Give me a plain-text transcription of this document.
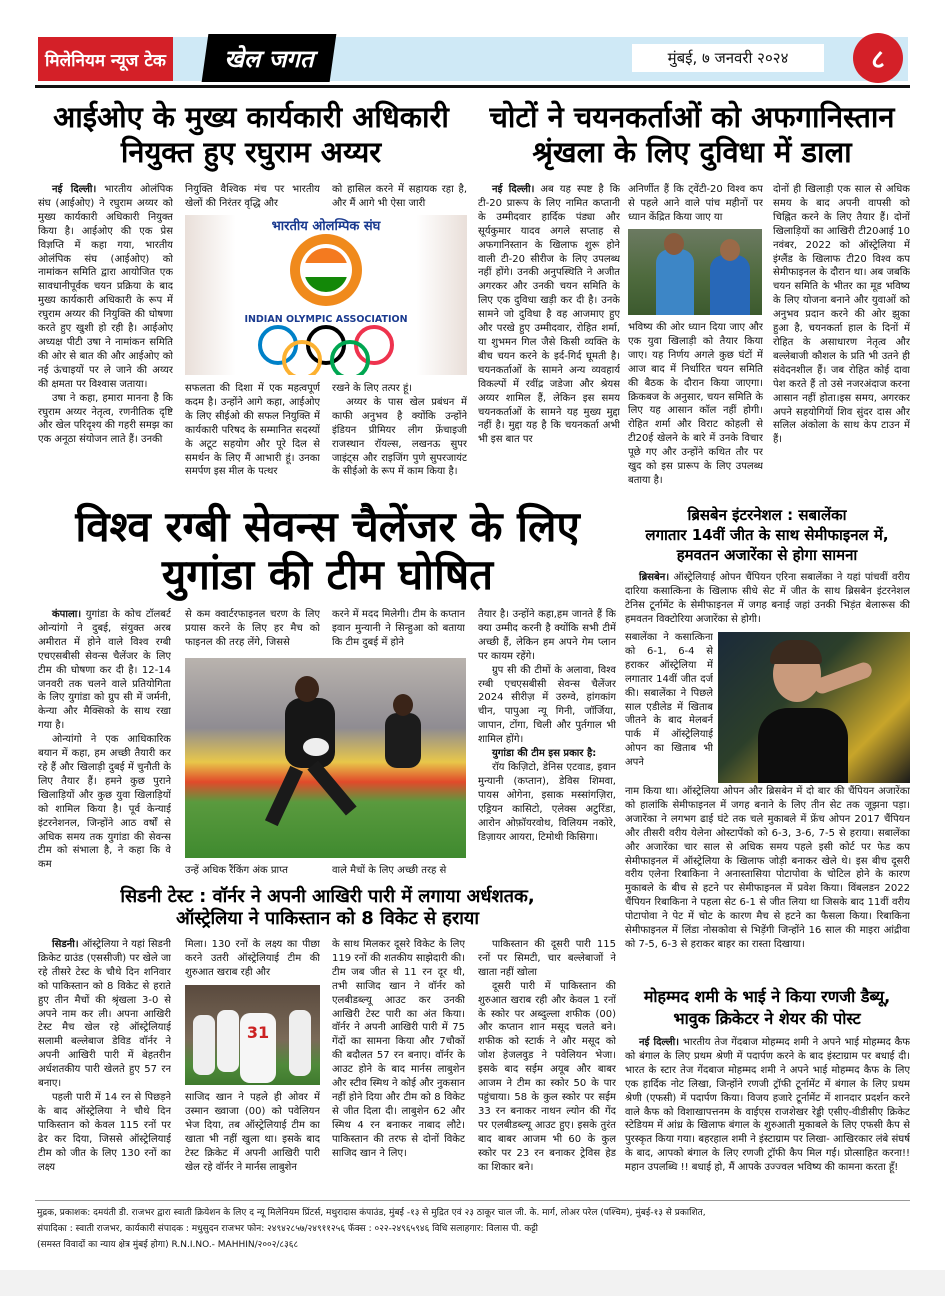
मिलेनियम न्यूज टेक	खेल जगत	मुंबई, ७ जनवरी २०२४	८
आईओए के मुख्य कार्यकारी अधिकारी
नियुक्त हुए रघुराम अय्यर

नई दिल्ली। भारतीय ओलंपिक संघ (आईओए) ने रघुराम अय्यर को मुख्य कार्यकारी अधिकारी नियुक्त किया है। आईओए की एक प्रेस विज्ञप्ति में कहा गया, भारतीय ओलंपिक संघ (आईओए) को नामांकन समिति द्वारा आयोजित एक सावधानीपूर्वक चयन प्रक्रिया के बाद मुख्य कार्यकारी अधिकारी के रूप में रघुराम अय्यर की नियुक्ति की घोषणा करते हुए खुशी हो रही है। आईओए अध्यक्ष पीटी उषा ने नामांकन समिति की ओर से बात की और आईओए को नई ऊंचाइयों पर ले जाने की अय्यर की क्षमता पर विश्वास जताया।

उषा ने कहा, हमारा मानना है कि रघुराम अय्यर नेतृत्व, रणनीतिक दृष्टि और खेल परिदृश्य की गहरी समझ का एक अनूठा संयोजन लाते हैं। उनकी

नियुक्ति वैश्विक मंच पर भारतीय खेलों की निरंतर वृद्धि और

को हासिल करने में सहायक रहा है, और मैं आगे भी ऐसा जारी

भारतीय ओलम्पिक संघ
INDIAN OLYMPIC ASSOCIATION

सफलता की दिशा में एक महत्वपूर्ण कदम है। उन्होंने आगे कहा, आईओए के लिए सीईओ की सफल नियुक्ति में कार्यकारी परिषद के सम्मानित सदस्यों के अटूट सहयोग और पूरे दिल से समर्थन के लिए मैं आभारी हूं। उनका समर्पण इस मील के पत्थर

रखने के लिए तत्पर हूं।

अय्यर के पास खेल प्रबंधन में काफी अनुभव है क्योंकि उन्होंने इंडियन प्रीमियर लीग फ्रेंचाइजी राजस्थान रॉयल्स, लखनऊ सुपर जाइंट्स और राइजिंग पुणे सुपरजायंट के सीईओ के रूप में काम किया है।

चोटों ने चयनकर्ताओं को अफगानिस्तान
श्रृंखला के लिए दुविधा में डाला

नई दिल्ली। अब यह स्पष्ट है कि टी-20 प्रारूप के लिए नामित कप्तानी के उम्मीदवार हार्दिक पंड्या और सूर्यकुमार यादव अगले सप्ताह से अफगानिस्तान के खिलाफ शुरू होने वाली टी-20 सीरीज के लिए उपलब्ध नहीं होंगे। उनकी अनुपस्थिति ने अजीत अगरकर और उनकी चयन समिति के लिए एक दुविधा खड़ी कर दी है। उनके सामने जो दुविधा है वह आजमाए हुए और परखे हुए उम्मीदवार, रोहित शर्मा, या शुभमन गिल जैसे किसी व्यक्ति के बीच चयन करने के इर्द-गिर्द घूमती है। चयनकर्ताओं के सामने अन्य व्यवहार्य विकल्पों में रवींद्र जडेजा और श्रेयस अय्यर शामिल हैं, लेकिन इस समय चयनकर्ताओं के सामने यह मुख्य मुद्दा नहीं है। मुद्दा यह है कि चयनकर्ता अभी भी इस बात पर

अनिर्णीत हैं कि ट्वेंटी-20 विश्व कप से पहले आने वाले पांच महीनों पर ध्यान केंद्रित किया जाए या

भविष्य की ओर ध्यान दिया जाए और एक युवा खिलाड़ी को तैयार किया जाए। यह निर्णय अगले कुछ घंटों में आज बाद में निर्धारित चयन समिति की बैठक के दौरान किया जाएगा। क्रिकबज के अनुसार, चयन समिति के लिए यह आसान कॉल नहीं होगी। रोहित शर्मा और विराट कोहली से टी20ई खेलने के बारे में उनके विचार पूछे गए और उन्होंने कथित तौर पर खुद को इस प्रारूप के लिए उपलब्ध बताया है।

दोनों ही खिलाड़ी एक साल से अधिक समय के बाद अपनी वापसी को चिह्नित करने के लिए तैयार हैं। दोनों खिलाड़ियों का आखिरी टी20आई 10 नवंबर, 2022 को ऑस्ट्रेलिया में इंग्लैंड के खिलाफ टी20 विश्व कप सेमीफाइनल के दौरान था। अब जबकि चयन समिति के भीतर का मूड भविष्य के लिए योजना बनाने और युवाओं को अनुभव प्रदान करने की ओर झुका हुआ है, चयनकर्ता हाल के दिनों में रोहित के असाधारण नेतृत्व और बल्लेबाजी कौशल के प्रति भी उतने ही संवेदनशील हैं। जब रोहित कोई दावा पेश करते हैं तो उसे नजरअंदाज करना आसान नहीं होता।इस समय, अगरकर अपने सहयोगियों शिव सुंदर दास और सलिल अंकोला के साथ केप टाउन में हैं।

विश्व रग्बी सेवन्स चैलेंजर के लिए
युगांडा की टीम घोषित

कंपाला। युगांडा के कोच टॉलबर्ट ओन्यांगो ने दुबई, संयुक्त अरब अमीरात में होने वाले विश्व रग्बी एचएसबीसी सेवन्स चैलेंजर के लिए टीम की घोषणा कर दी है। 12-14 जनवरी तक चलने वाले प्रतियोगिता के लिए युगांडा को ग्रुप सी में जर्मनी, केन्या और मैक्सिको के साथ रखा गया है।

ओन्यांगो ने एक आधिकारिक बयान में कहा, हम अच्छी तैयारी कर रहे हैं और खिलाड़ी दुबई में चुनौती के लिए तैयार हैं। हमने कुछ पुराने खिलाड़ियों और कुछ युवा खिलाड़ियों को शामिल किया है। पूर्व केन्याई इंटरनेशनल, जिन्होंने आठ वर्षों से अधिक समय तक युगांडा की सेवन्स टीम को संभाला है, ने कहा कि वे कम

से कम क्वार्टरफाइनल चरण के लिए प्रयास करने के लिए हर मैच को फाइनल की तरह लेंगे, जिससे

करने में मदद मिलेगी। टीम के कप्तान इवान मुन्यानी ने सिन्हुआ को बताया कि टीम दुबई में होने

उन्हें अधिक रैंकिंग अंक प्राप्त	वाले मैचों के लिए अच्छी तरह से

तैयार है। उन्होंने कहा,हम जानते हैं कि क्या उम्मीद करनी है क्योंकि सभी टीमें अच्छी हैं, लेकिन हम अपने गेम प्लान पर कायम रहेंगे।

ग्रुप सी की टीमों के अलावा, विश्व रग्बी एचएसबीसी सेवन्स चैलेंजर 2024 सीरीज़ में उरुग्वे, हांगकांग चीन, पापुआ न्यू गिनी, जॉर्जिया, जापान, टोंगा, चिली और पुर्तगाल भी शामिल होंगे।

युगांडा की टीम इस प्रकार है:

रॉय किज़िटो, डेनिस एटवाड, इवान मुन्यानी (कप्तान), डेविस शिमवा, पायस ओगेना, इसाक मस्सांगज़िरा, एड्रियन कासिटो, एलेक्स अटुरिंडा, आरोन ओफ़ॉयरवोथ, विलियम नकोरे, डिज़ायर आयरा, टिमोथी किसिगा।

ब्रिसबेन इंटरनेशल : सबालेंका
लगातार 14वीं जीत के साथ सेमीफाइनल में,
हमवतन अजारेंका से होगा सामना

ब्रिसबेन। ऑस्ट्रेलियाई ओपन चैंपियन एरिना सबालेंका ने यहां पांचवीं वरीय दारिया कसात्किना के खिलाफ सीधे सेट में जीत के साथ ब्रिसबेन इंटरनेशल टेनिस टूर्नामेंट के सेमीफाइनल में जगह बनाई जहां उनकी भिड़ंत बेलारूस की हमवतन विक्टोरिया अजारेंका से होगी।

सबालेंका ने कसात्किना को 6-1, 6-4 से हराकर ऑस्ट्रेलिया में लगातार 14वीं जीत दर्ज की। सबालेंका ने पिछले साल एडीलेड में खिताब जीतने के बाद मेलबर्न पार्क में ऑस्ट्रेलियाई ओपन का खिताब भी अपने

नाम किया था। ऑस्ट्रेलिया ओपन और ब्रिसबेन में दो बार की चैंपियन अजारेंका को हालांकि सेमीफाइनल में जगह बनाने के लिए तीन सेट तक जूझना पड़ा। अजारेंका ने लगभग ढाई घंटे तक चले मुकाबले में फ्रेंच ओपन 2017 चैंपियन और तीसरी वरीय येलेना ओस्टापेंको को 6-3, 3-6, 7-5 से हराया। सबालेंका और अजारेंका चार साल से अधिक समय पहले इसी कोर्ट पर फेड कप सेमीफाइनल में ऑस्ट्रेलिया के खिलाफ जोड़ी बनाकर खेले थे। इस बीच दूसरी वरीय एलेना रिबाकिना ने अनास्तासिया पोटापोवा के चोटिल होने के कारण मुकाबले के बीच से हटने पर सेमीफाइनल में प्रवेश किया। विंबलडन 2022 चैंपियन रिबाकिना ने पहला सेट 6-1 से जीत लिया था जिसके बाद 11वीं वरीय पोटापोवा ने पेट में चोट के कारण मैच से हटने का फैसला किया। रिबाकिना सेमीफाइनल में लिंडा नोसकोवा से भिड़ेंगी जिन्होंने 16 साल की माइरा आंद्रीवा को 7-5, 6-3 से हराकर बाहर का रास्ता दिखाया।

मोहम्मद शमी के भाई ने किया रणजी डैब्यू,
भावुक क्रिकेटर ने शेयर की पोस्ट

नई दिल्ली। भारतीय तेज गेंदबाज मोहम्मद शमी ने अपने भाई मोहम्मद कैफ को बंगाल के लिए प्रथम श्रेणी में पदार्पण करने के बाद इंस्टाग्राम पर बधाई दी। भारत के स्टार तेज गेंदबाज मोहम्मद शमी ने अपने भाई मोहम्मद कैफ के लिए एक हार्दिक नोट लिखा, जिन्होंने रणजी ट्रॉफी टूर्नामेंट में बंगाल के लिए प्रथम श्रेणी (एफसी) में पदार्पण किया। विजय हजारे टूर्नामेंट में शानदार प्रदर्शन करने वाले कैफ को विशाखापत्तनम के वाईएस राजशेखर रेड्डी एसीए-वीडीसीए क्रिकेट स्टेडियम में आंध्र के खिलाफ बंगाल के शुरुआती मुकाबले के लिए एफसी कैप से पुरस्कृत किया गया। बहरहाल शमी ने इंस्टाग्राम पर लिखा- आखिरकार लंबे संघर्ष के बाद, आपको बंगाल के लिए रणजी ट्रॉफी कैप मिल गई। प्रोत्साहित करना!! महान उपलब्धि !! बधाई हो, मैं आपके उज्ज्वल भविष्य की कामना करता हूँ!

सिडनी टेस्ट : वॉर्नर ने अपनी आखिरी पारी में लगाया अर्धशतक,
ऑस्ट्रेलिया ने पाकिस्तान को 8 विकेट से हराया

सिडनी। ऑस्ट्रेलिया ने यहां सिडनी क्रिकेट ग्राउंड (एससीजी) पर खेले जा रहे तीसरे टेस्ट के चौथे दिन शनिवार को पाकिस्तान को 8 विकेट से हराते हुए तीन मैचों की श्रृंखला 3-0 से अपने नाम कर ली। अपना आखिरी टेस्ट मैच खेल रहे ऑस्ट्रेलियाई सलामी बल्लेबाज डेविड वॉर्नर ने अपनी आखिरी पारी में बेहतरीन अर्धशतकीय पारी खेलते हुए 57 रन बनाए।

पहली पारी में 14 रन से पिछड़ने के बाद ऑस्ट्रेलिया ने चौथे दिन पाकिस्तान को केवल 115 रनों पर ढेर कर दिया, जिससे ऑस्ट्रेलियाई टीम को जीत के लिए 130 रनों का लक्ष्य

मिला। 130 रनों के लक्ष्य का पीछा करने उतरी ऑस्ट्रेलियाई टीम की शुरुआत खराब रही और

31

साजिद खान ने पहले ही ओवर में उस्मान ख्वाजा (00) को पवेलियन भेज दिया, तब ऑस्ट्रेलियाई टीम का खाता भी नहीं खुला था। इसके बाद टेस्ट क्रिकेट में अपनी आखिरी पारी खेल रहे वॉर्नर ने मार्नस लाबुशेन

के साथ मिलकर दूसरे विकेट के लिए 119 रनों की शतकीय साझेदारी की। टीम जब जीत से 11 रन दूर थी, तभी साजिद खान ने वॉर्नर को एलबीडब्ल्यू आउट कर उनकी आखिरी टेस्ट पारी का अंत किया। वॉर्नर ने अपनी आखिरी पारी में 75 गेंदों का सामना किया और 7चौकों की बदौलत 57 रन बनाए। वॉर्नर के आउट होने के बाद मार्नस लाबुशेन और स्टीव स्मिथ ने कोई और नुकसान नहीं होने दिया और टीम को 8 विकेट से जीत दिला दी। लाबुशेन 62 और स्मिथ 4 रन बनाकर नाबाद लौटे। पाकिस्तान की तरफ से दोनों विकेट साजिद खान ने लिए।

पाकिस्तान की दूसरी पारी 115 रनों पर सिमटी, चार बल्लेबाजों ने खाता नहीं खोला

दूसरी पारी में पाकिस्तान की शुरुआत खराब रही और केवल 1 रनों के स्कोर पर अब्दुल्ला शफीक (00) और कप्तान शान मसूद चलते बने। शफीक को स्टार्क ने और मसूद को जोश हेजलवुड ने पवेलियन भेजा। इसके बाद सईम अयूब और बाबर आजम ने टीम का स्कोर 50 के पार पहुंचाया। 58 के कुल स्कोर पर सईम 33 रन बनाकर नाथन ल्योन की गेंद पर एलबीडब्ल्यू आउट हुए। इसके तुरंत बाद बाबर आजम भी 60 के कुल स्कोर पर 23 रन बनाकर ट्रेविस हेड का शिकार बने।

मुद्रक, प्रकाशक: दमयंती डी. राजभर द्वारा स्वाती क्रियेशन के लिए द न्यू मिलेनियम प्रिंटर्स, मथुरादास कंपाउंड, मुंबई -१३ से मुद्रित एवं २३ ठाकूर चाल जी. के. मार्ग, लोअर परेल (पश्चिम), मुंबई-१३ से प्रकाशित,
संपादिका : स्वाती राजभर, कार्यकारी संपादक : मधुसुदन राजभर फोन: २४९४२८५७/२४९११२५६ फॅक्स : ०२२-२४९६५९४६ विधि सलाहगार: विलास पी. कट्टी
(समस्त विवादों का न्याय क्षेत्र मुंबई होगा) R.N.I.NO.- MAHHIN/२००२/८३६८
